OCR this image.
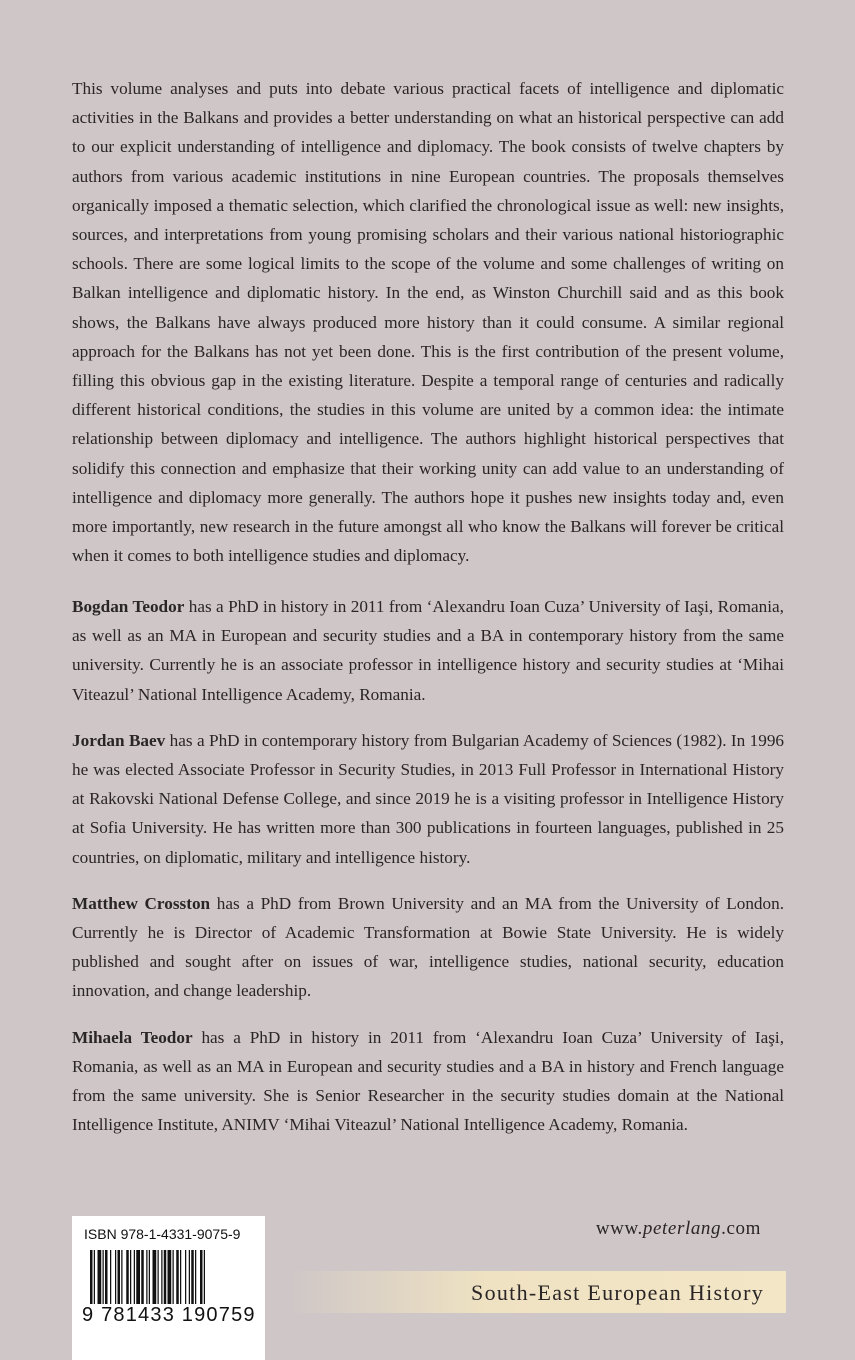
This volume analyses and puts into debate various practical facets of intelligence and diplomatic activities in the Balkans and provides a better understanding on what an historical perspective can add to our explicit understanding of intelligence and diplomacy. The book consists of twelve chapters by authors from various academic institutions in nine European countries. The proposals themselves organically imposed a thematic selection, which clarified the chronological issue as well: new insights, sources, and interpretations from young promising scholars and their various national historiographic schools. There are some logical limits to the scope of the volume and some challenges of writing on Balkan intelligence and diplomatic history. In the end, as Winston Churchill said and as this book shows, the Balkans have always produced more history than it could consume. A similar regional approach for the Balkans has not yet been done. This is the first contribution of the present volume, filling this obvious gap in the existing literature. Despite a temporal range of centuries and radically different historical conditions, the studies in this volume are united by a common idea: the intimate relationship between diplomacy and intelligence. The authors highlight historical perspectives that solidify this connection and emphasize that their working unity can add value to an understanding of intelligence and diplomacy more generally. The authors hope it pushes new insights today and, even more importantly, new research in the future amongst all who know the Balkans will forever be critical when it comes to both intelligence studies and diplomacy.

Bogdan Teodor has a PhD in history in 2011 from ‘Alexandru Ioan Cuza’ University of Iaşi, Romania, as well as an MA in European and security studies and a BA in contemporary history from the same university. Currently he is an associate professor in intelligence history and security studies at ‘Mihai Viteazul’ National Intelligence Academy, Romania.

Jordan Baev has a PhD in contemporary history from Bulgarian Academy of Sciences (1982). In 1996 he was elected Associate Professor in Security Studies, in 2013 Full Professor in International History at Rakovski National Defense College, and since 2019 he is a visiting professor in Intelligence History at Sofia University. He has written more than 300 publications in fourteen languages, published in 25 countries, on diplomatic, military and intelligence history.

Matthew Crosston has a PhD from Brown University and an MA from the University of London. Currently he is Director of Academic Transformation at Bowie State University. He is widely published and sought after on issues of war, intelligence studies, national security, education innovation, and change leadership.

Mihaela Teodor has a PhD in history in 2011 from ‘Alexandru Ioan Cuza’ University of Iaşi, Romania, as well as an MA in European and security studies and a BA in history and French language from the same university. She is Senior Researcher in the security studies domain at the National Intelligence Institute, ANIMV ‘Mihai Viteazul’ National Intelligence Academy, Romania.

ISBN 978-1-4331-9075-9
9 781433 190759
www.peterlang.com
South-East European History
